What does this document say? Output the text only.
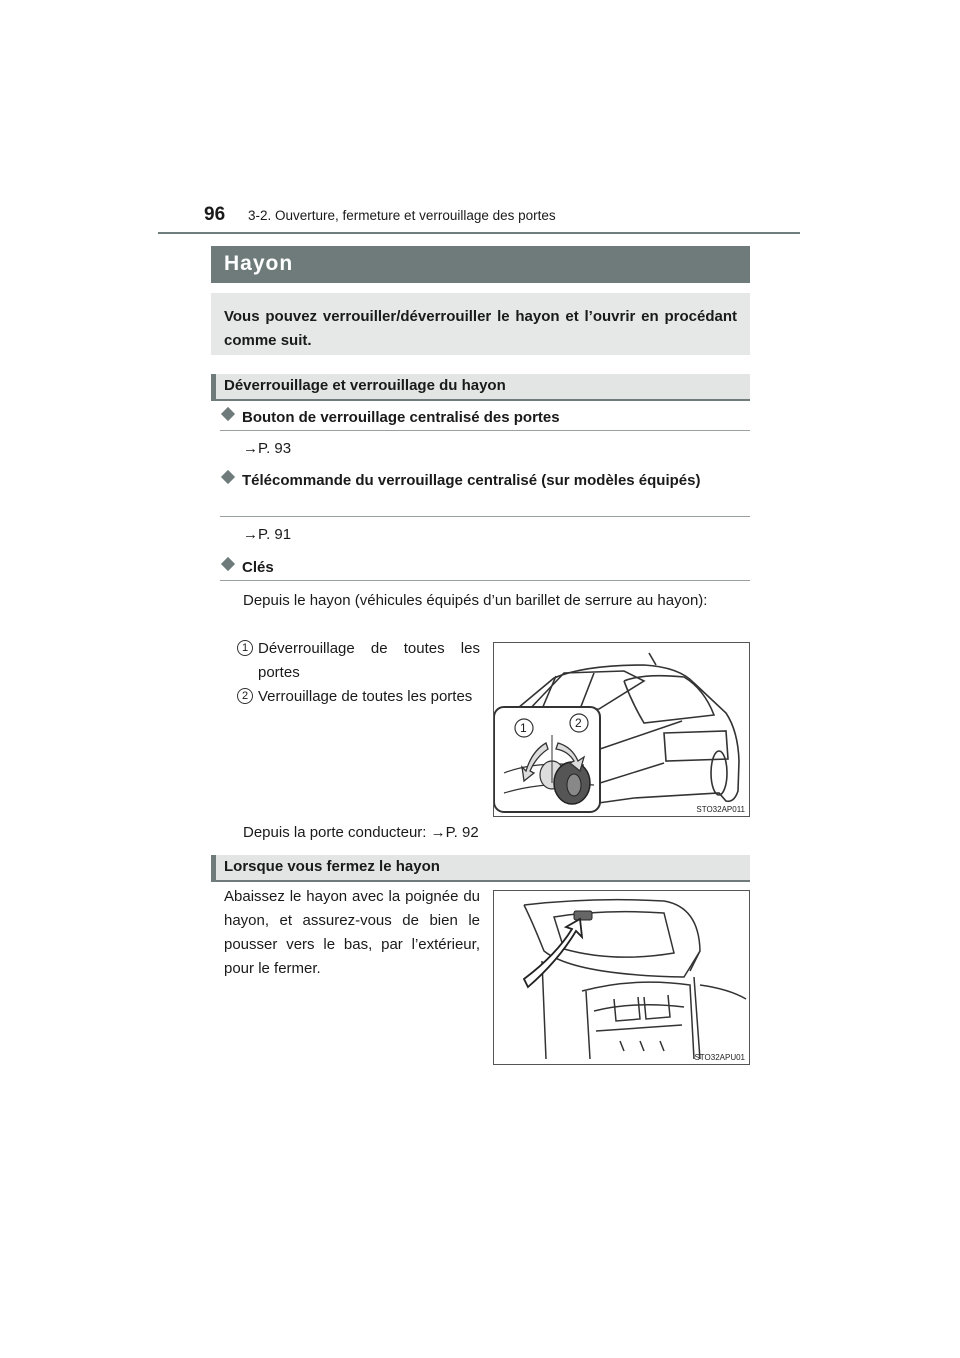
96 3-2. Ouverture, fermeture et verrouillage des portes
Hayon

Vous pouvez verrouiller/déverrouiller le hayon et l’ouvrir en procédant comme suit.

Déverrouillage et verrouillage du hayon
Bouton de verrouillage centralisé des portes
→P. 93
Télécommande du verrouillage centralisé (sur modèles équipés)
→P. 91
Clés
Depuis le hayon (véhicules équipés d’un barillet de serrure au hayon):
1 Déverrouillage de toutes les portes
2 Verrouillage de toutes les portes
1	2
STO32AP011
Depuis la porte conducteur: →P. 92
Lorsque vous fermez le hayon
Abaissez le hayon avec la poignée du hayon, et assurez-vous de bien le pousser vers le bas, par l’extérieur, pour le fermer.
STO32APU01
